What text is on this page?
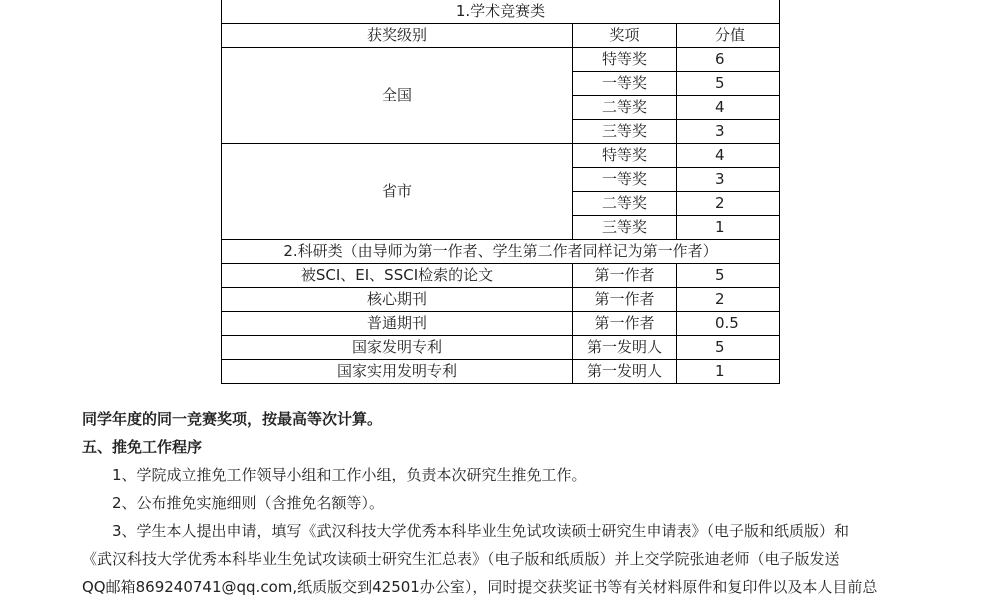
1.学术竞赛类		
获奖级别	奖项	分值
全国	特等奖	6
	一等奖	5
	二等奖	4
	三等奖	3
省市	特等奖	4
	一等奖	3
	二等奖	2
	三等奖	1
2.科研类（由导师为第一作者、学生第二作者同样记为第一作者）		
被SCI、EI、SSCI检索的论文	第一作者	5
核心期刊	第一作者	2
普通期刊	第一作者	0.5
国家发明专利	第一发明人	5
国家实用发明专利	第一发明人	1
同学年度的同一竞赛奖项，按最高等次计算。
五、推免工作程序
1、学院成立推免工作领导小组和工作小组，负责本次研究生推免工作。
2、公布推免实施细则（含推免名额等）。
3、学生本人提出申请，填写《武汉科技大学优秀本科毕业生免试攻读硕士研究生申请表》（电子版和纸质版）和
《武汉科技大学优秀本科毕业生免试攻读硕士研究生汇总表》（电子版和纸质版）并上交学院张迪老师（电子版发送
QQ邮箱869240741@qq.com,纸质版交到42501办公室），同时提交获奖证书等有关材料原件和复印件以及本人目前总
